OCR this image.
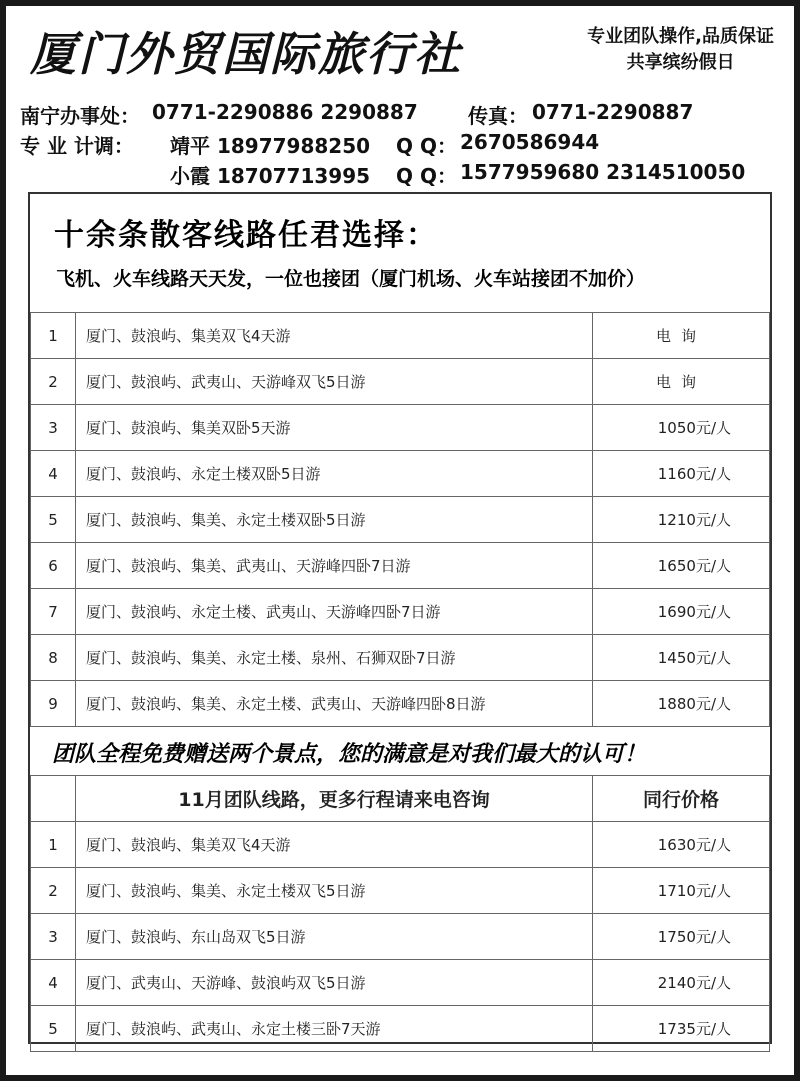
厦门外贸国际旅行社	专业团队操作,品质保证
共享缤纷假日
南宁办事处： 0771-2290886 2290887	传真： 0771-2290887
专 业 计调： 靖平 18977988250 Q Q： 2670586944
小霞 18707713995 Q Q： 1577959680 2314510050
十余条散客线路任君选择：
飞机、火车线路天天发，一位也接团（厦门机场、火车站接团不加价）
1	厦门、鼓浪屿、集美双飞4天游	电询
2	厦门、鼓浪屿、武夷山、天游峰双飞5日游	电询
3	厦门、鼓浪屿、集美双卧5天游	1050元/人
4	厦门、鼓浪屿、永定土楼双卧5日游	1160元/人
5	厦门、鼓浪屿、集美、永定土楼双卧5日游	1210元/人
6	厦门、鼓浪屿、集美、武夷山、天游峰四卧7日游	1650元/人
7	厦门、鼓浪屿、永定土楼、武夷山、天游峰四卧7日游	1690元/人
8	厦门、鼓浪屿、集美、永定土楼、泉州、石狮双卧7日游	1450元/人
9	厦门、鼓浪屿、集美、永定土楼、武夷山、天游峰四卧8日游	1880元/人
团队全程免费赠送两个景点，您的满意是对我们最大的认可！
	11月团队线路，更多行程请来电咨询	同行价格
1	厦门、鼓浪屿、集美双飞4天游	1630元/人
2	厦门、鼓浪屿、集美、永定土楼双飞5日游	1710元/人
3	厦门、鼓浪屿、东山岛双飞5日游	1750元/人
4	厦门、武夷山、天游峰、鼓浪屿双飞5日游	2140元/人
5	厦门、鼓浪屿、武夷山、永定土楼三卧7天游	1735元/人
